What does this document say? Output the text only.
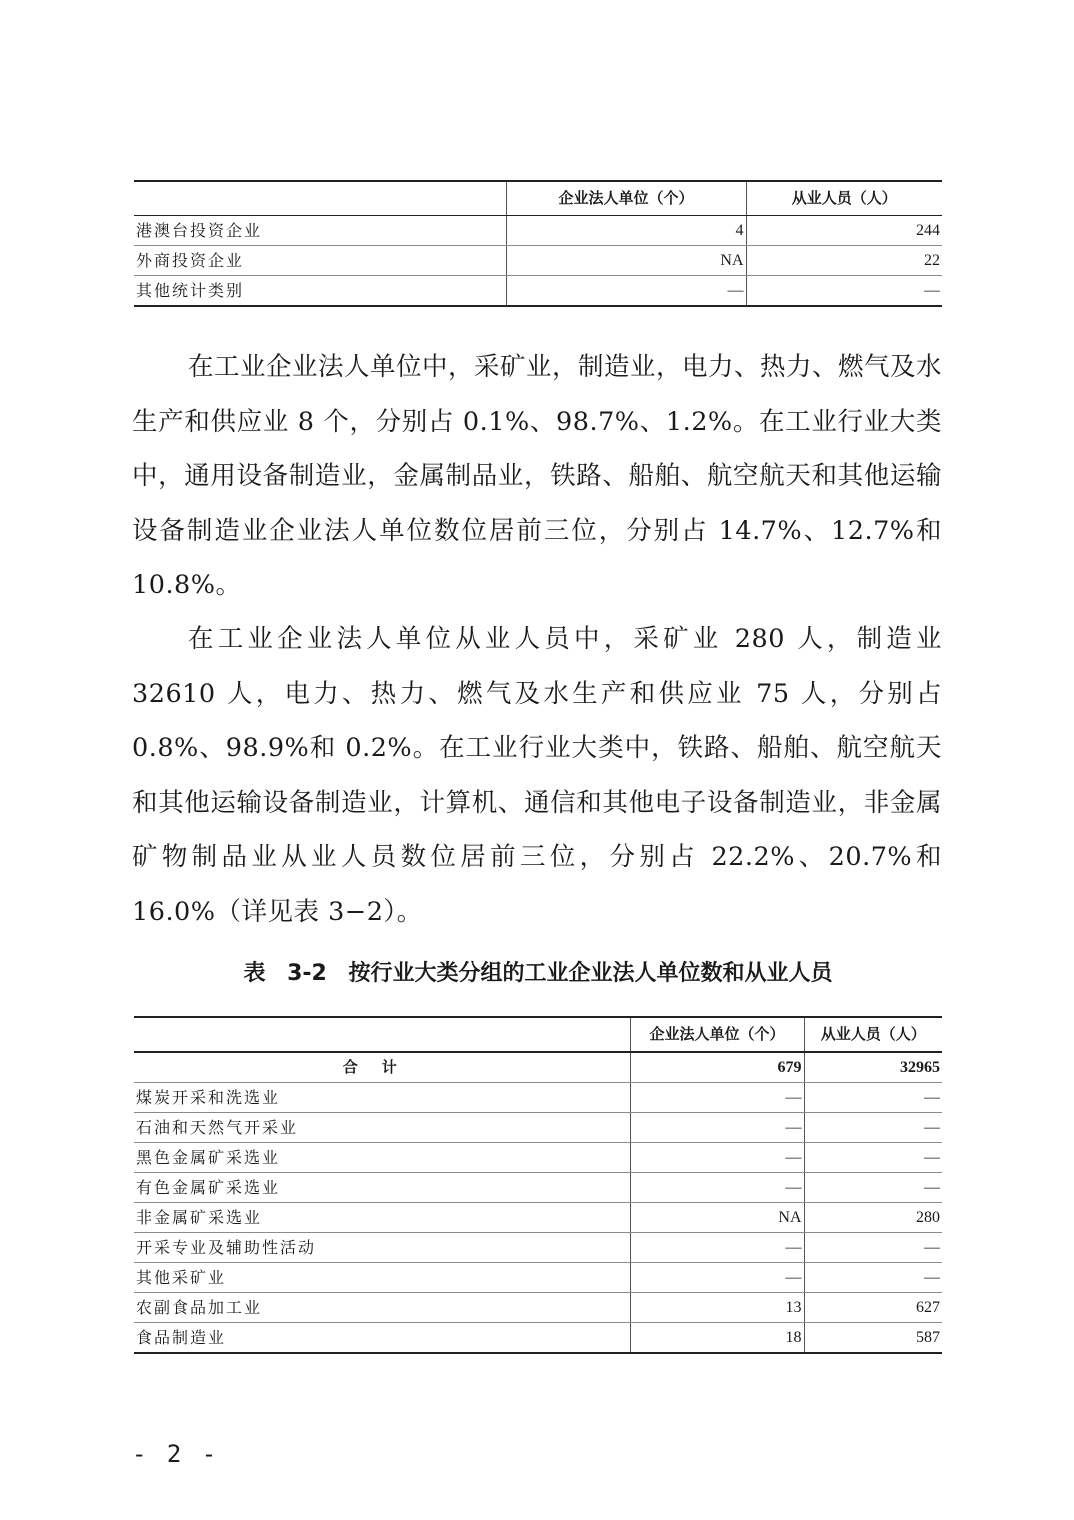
	企业法人单位（个）	从业人员（人）
港澳台投资企业	4	244
外商投资企业	NA	22
其他统计类别	—	—

在工业企业法人单位中，采矿业，制造业，电力、热力、燃气及水生产和供应业 8 个，分别占 0.1%、98.7%、1.2%。在工业行业大类中，通用设备制造业，金属制品业，铁路、船舶、航空航天和其他运输设备制造业企业法人单位数位居前三位，分别占 14.7%、12.7%和 10.8%。

在工业企业法人单位从业人员中，采矿业 280 人，制造业 32610 人，电力、热力、燃气及水生产和供应业 75 人，分别占 0.8%、98.9%和 0.2%。在工业行业大类中，铁路、船舶、航空航天和其他运输设备制造业，计算机、通信和其他电子设备制造业，非金属矿物制品业从业人员数位居前三位，分别占 22.2%、20.7%和 16.0%（详见表 3−2）。

表 3-2 按行业大类分组的工业企业法人单位数和从业人员
	企业法人单位（个）	从业人员（人）
合计	679	32965
煤炭开采和洗选业	—	—
石油和天然气开采业	—	—
黑色金属矿采选业	—	—
有色金属矿采选业	—	—
非金属矿采选业	NA	280
开采专业及辅助性活动	—	—
其他采矿业	—	—
农副食品加工业	13	627
食品制造业	18	587
- 2 -
